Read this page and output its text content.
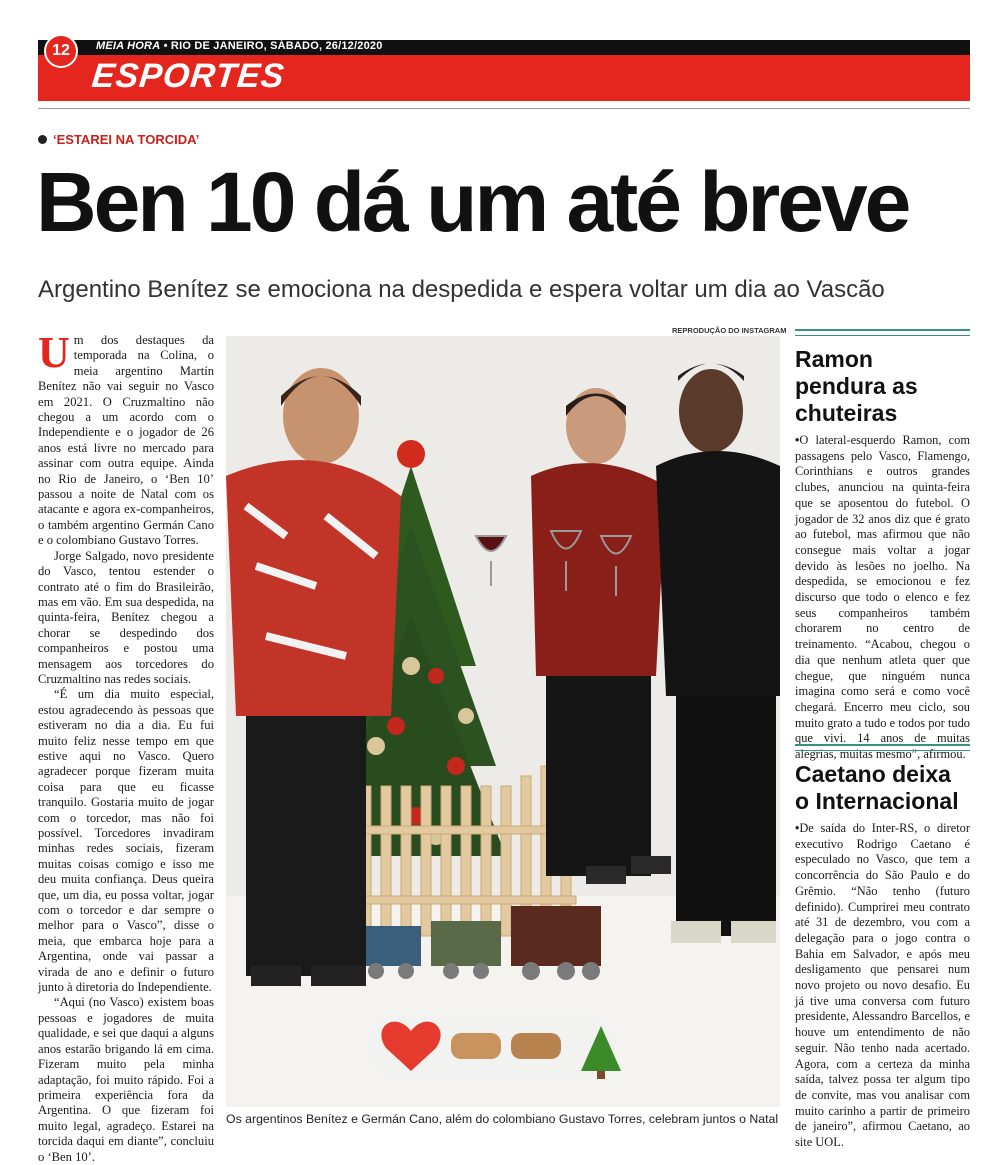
12	MEIA HORA • RIO DE JANEIRO, SÁBADO, 26/12/2020
ESPORTES
‘ESTAREI NA TORCIDA’
Ben 10 dá um até breve
Argentino Benítez se emociona na despedida e espera voltar um dia ao Vascão

Um dos destaques da temporada na Colina, o meia argentino Martín Benítez não vai seguir no Vasco em 2021. O Cruzmaltino não chegou a um acordo com o Independiente e o jogador de 26 anos está livre no mercado para assinar com outra equipe. Ainda no Rio de Janeiro, o ‘Ben 10’ passou a noite de Natal com os atacante e agora ex-companheiros, o também argentino Germán Cano e o colombiano Gustavo Torres.

Jorge Salgado, novo presidente do Vasco, tentou estender o contrato até o fim do Brasileirão, mas em vão. Em sua despedida, na quinta-feira, Benítez chegou a chorar se despedindo dos companheiros e postou uma mensagem aos torcedores do Cruzmaltino nas redes sociais.

“É um dia muito especial, estou agradecendo às pessoas que estiveram no dia a dia. Eu fui muito feliz nesse tempo em que estive aqui no Vasco. Quero agradecer porque fizeram muita coisa para que eu ficasse tranquilo. Gostaria muito de jogar com o torcedor, mas não foi possível. Torcedores invadiram minhas redes sociais, fizeram muitas coisas comigo e isso me deu muita confiança. Deus queira que, um dia, eu possa voltar, jogar com o torcedor e dar sempre o melhor para o Vasco”, disse o meia, que embarca hoje para a Argentina, onde vai passar a virada de ano e definir o futuro junto à diretoria do Independiente.

“Aqui (no Vasco) existem boas pessoas e jogadores de muita qualidade, e sei que daqui a alguns anos estarão brigando lá em cima. Fizeram muito pela minha adaptação, foi muito rápido. Foi a primeira experiência fora da Argentina. O que fizeram foi muito legal, agradeço. Estarei na torcida daqui em diante”, concluiu o ‘Ben 10’.

REPRODUÇÃO DO INSTAGRAM
Os argentinos Benítez e Germán Cano, além do colombiano Gustavo Torres, celebram juntos o Natal
Ramon pendura as chuteiras
•O lateral-esquerdo Ramon, com passagens pelo Vasco, Flamengo, Corinthians e outros grandes clubes, anunciou na quinta-feira que se aposentou do futebol. O jogador de 32 anos diz que é grato ao futebol, mas afirmou que não consegue mais voltar a jogar devido às lesões no joelho. Na despedida, se emocionou e fez discurso que todo o elenco e fez seus companheiros também chorarem no centro de treinamento. “Acabou, chegou o dia que nenhum atleta quer que chegue, que ninguém nunca imagina como será e como você chegará. Encerro meu ciclo, sou muito grato a tudo e todos por tudo que vivi. 14 anos de muitas alegrias, muitas mesmo”, afirmou.
Caetano deixa o Internacional
•De saída do Inter-RS, o diretor executivo Rodrigo Caetano é especulado no Vasco, que tem a concorrência do São Paulo e do Grêmio. “Não tenho (futuro definido). Cumprirei meu contrato até 31 de dezembro, vou com a delegação para o jogo contra o Bahia em Salvador, e após meu desligamento que pensarei num novo projeto ou novo desafio. Eu já tive uma conversa com futuro presidente, Alessandro Barcellos, e houve um entendimento de não seguir. Não tenho nada acertado. Agora, com a certeza da minha saída, talvez possa ter algum tipo de convite, mas vou analisar com muito carinho a partir de primeiro de janeiro”, afirmou Caetano, ao site UOL.
